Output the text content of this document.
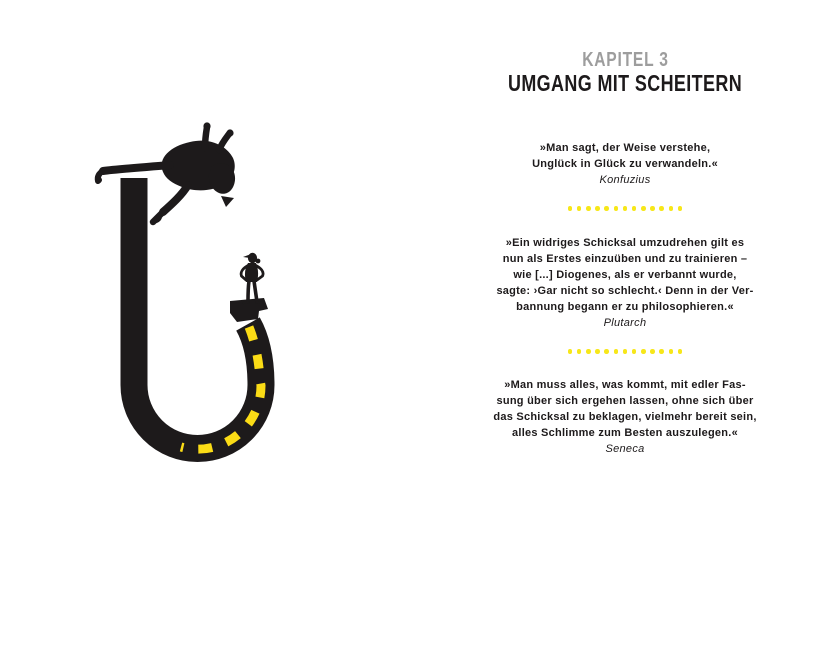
KAPITEL 3
UMGANG MIT SCHEITERN
»Man sagt, der Weise verstehe,
Unglück in Glück zu verwandeln.«
Konfuzius
»Ein widriges Schicksal umzudrehen gilt es
nun als Erstes einzuüben und zu trainieren –
wie [...] Diogenes, als er verbannt wurde,
sagte: ›Gar nicht so schlecht.‹ Denn in der Ver-
bannung begann er zu philosophieren.«
Plutarch
»Man muss alles, was kommt, mit edler Fas-
sung über sich ergehen lassen, ohne sich über
das Schicksal zu beklagen, vielmehr bereit sein,
alles Schlimme zum Besten auszulegen.«
Seneca
